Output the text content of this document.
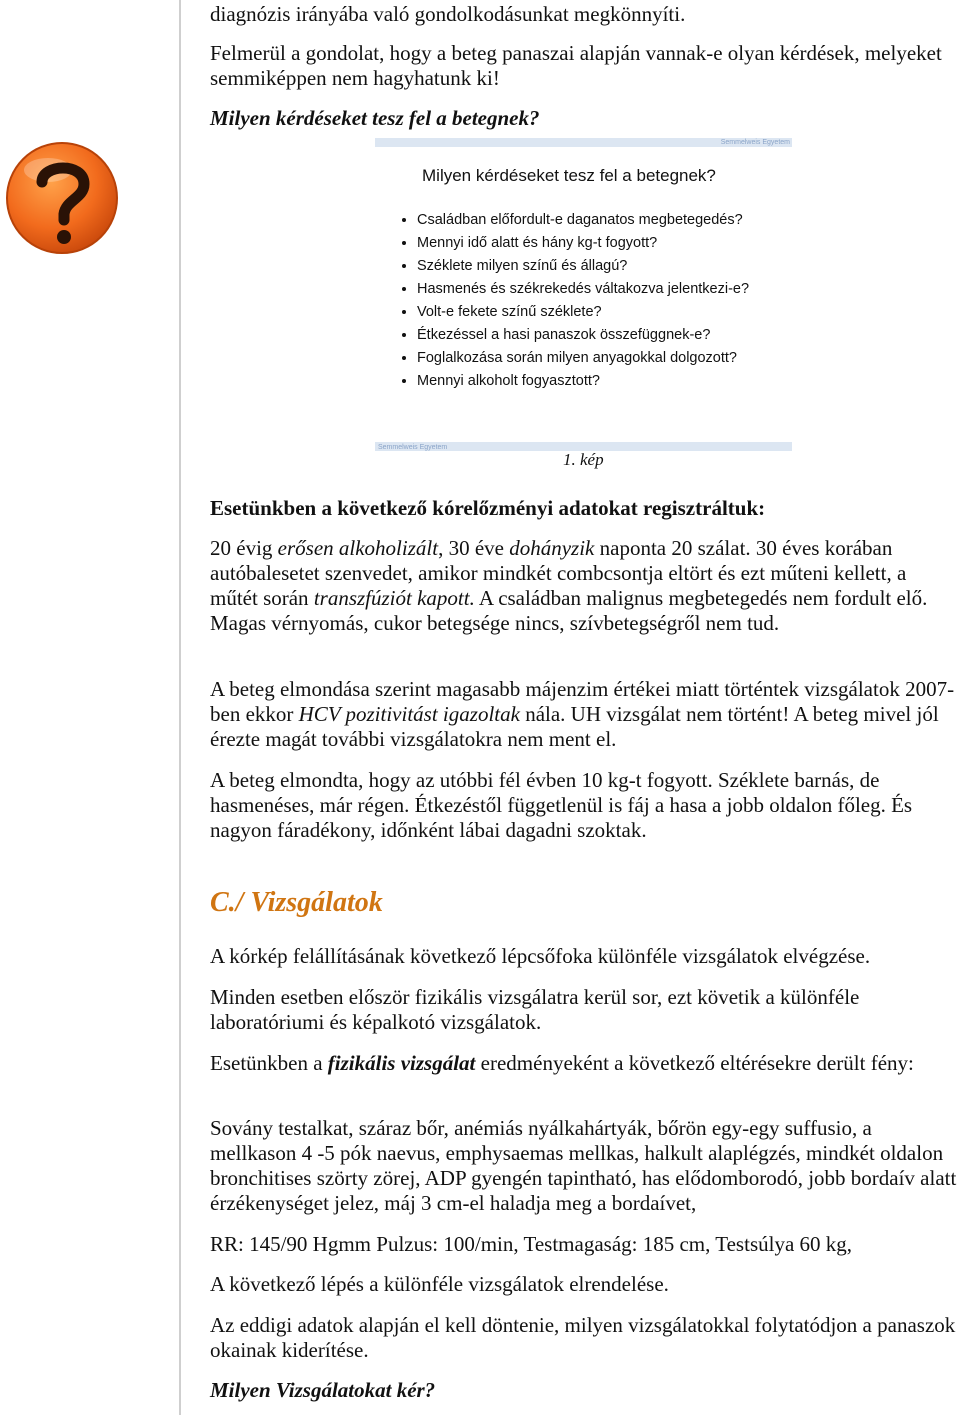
diagnózis irányába való gondolkodásunkat megkönnyíti.

Felmerül a gondolat, hogy a beteg panaszai alapján vannak-e olyan kérdések, melyeket semmiképpen nem hagyhatunk ki!

Milyen kérdéseket tesz fel a betegnek?

Esetünkben a következő kórelőzményi adatokat regisztráltuk:

20 évig erősen alkoholizált, 30 éve dohányzik naponta 20 szálat. 30 éves korában autóbalesetet szenvedet, amikor mindkét combcsontja eltört és ezt műteni kellett, a műtét során transzfúziót kapott. A családban malignus megbetegedés nem fordult elő. Magas vérnyomás, cukor betegsége nincs, szívbetegségről nem tud.

A beteg elmondása szerint magasabb májenzim értékei miatt történtek vizsgálatok 2007-ben ekkor HCV pozitivitást igazoltak nála. UH vizsgálat nem történt! A beteg mivel jól érezte magát további vizsgálatokra nem ment el.

A beteg elmondta, hogy az utóbbi fél évben 10 kg-t fogyott. Széklete barnás, de hasmenéses, már régen. Étkezéstől függetlenül is fáj a hasa a jobb oldalon főleg. És nagyon fáradékony, időnként lábai dagadni szoktak.

C./ Vizsgálatok

A kórkép felállításának következő lépcsőfoka különféle vizsgálatok elvégzése.

Minden esetben először fizikális vizsgálatra kerül sor, ezt követik a különféle laboratóriumi és képalkotó vizsgálatok.

Esetünkben a fizikális vizsgálat eredményeként a következő eltérésekre derült fény:

Sovány testalkat, száraz bőr, anémiás nyálkahártyák, bőrön egy-egy suffusio, a mellkason 4 -5 pók naevus, emphysaemas mellkas, halkult alaplégzés, mindkét oldalon bronchitises szörty zörej, ADP gyengén tapintható, has elődomborodó, jobb bordaív alatt érzékenységet jelez, máj 3 cm-el haladja meg a bordaívet,

RR: 145/90 Hgmm Pulzus: 100/min, Testmagaság: 185 cm, Testsúlya 60 kg,

A következő lépés a különféle vizsgálatok elrendelése.

Az eddigi adatok alapján el kell döntenie, milyen vizsgálatokkal folytatódjon a panaszok okainak kiderítése.

Milyen Vizsgálatokat kér?

Semmelweis Egyetem
Milyen kérdéseket tesz fel a betegnek?
• Családban előfordult-e daganatos megbetegedés?
• Mennyi idő alatt és hány kg-t fogyott?
• Széklete milyen színű és állagú?
• Hasmenés és székrekedés váltakozva jelentkezi-e?
• Volt-e fekete színű széklete?
• Étkezéssel a hasi panaszok összefüggnek-e?
• Foglalkozása során milyen anyagokkal dolgozott?
• Mennyi alkoholt fogyasztott?
Semmelweis Egyetem
1. kép
